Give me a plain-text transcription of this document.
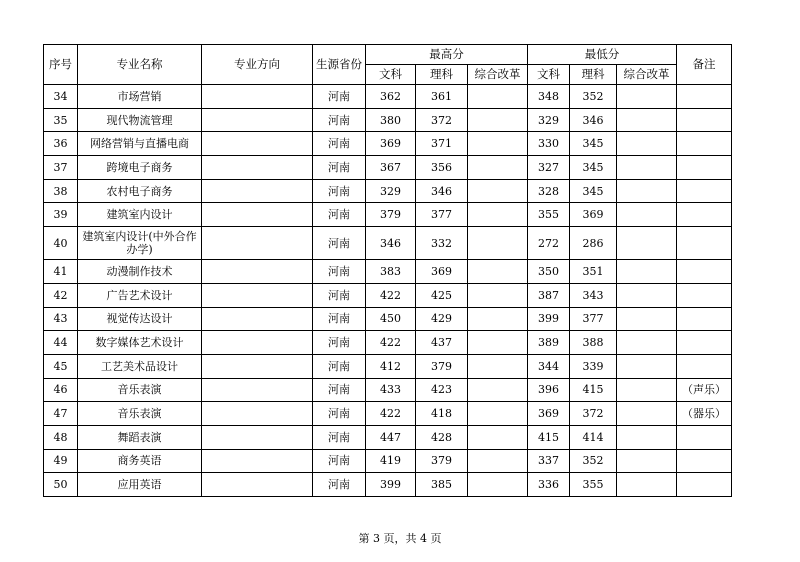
序号	专业名称	专业方向	生源省份	最高分			最低分			备注
				文科	理科	综合改革	文科	理科	综合改革	
34	市场营销		河南	362	361		348	352		
35	现代物流管理		河南	380	372		329	346		
36	网络营销与直播电商		河南	369	371		330	345		
37	跨境电子商务		河南	367	356		327	345		
38	农村电子商务		河南	329	346		328	345		
39	建筑室内设计		河南	379	377		355	369		
40	建筑室内设计(中外合作办学)		河南	346	332		272	286		
41	动漫制作技术		河南	383	369		350	351		
42	广告艺术设计		河南	422	425		387	343		
43	视觉传达设计		河南	450	429		399	377		
44	数字媒体艺术设计		河南	422	437		389	388		
45	工艺美术品设计		河南	412	379		344	339		
46	音乐表演		河南	433	423		396	415		（声乐）
47	音乐表演		河南	422	418		369	372		（器乐）
48	舞蹈表演		河南	447	428		415	414		
49	商务英语		河南	419	379		337	352		
50	应用英语		河南	399	385		336	355		
第 3 页，共 4 页
